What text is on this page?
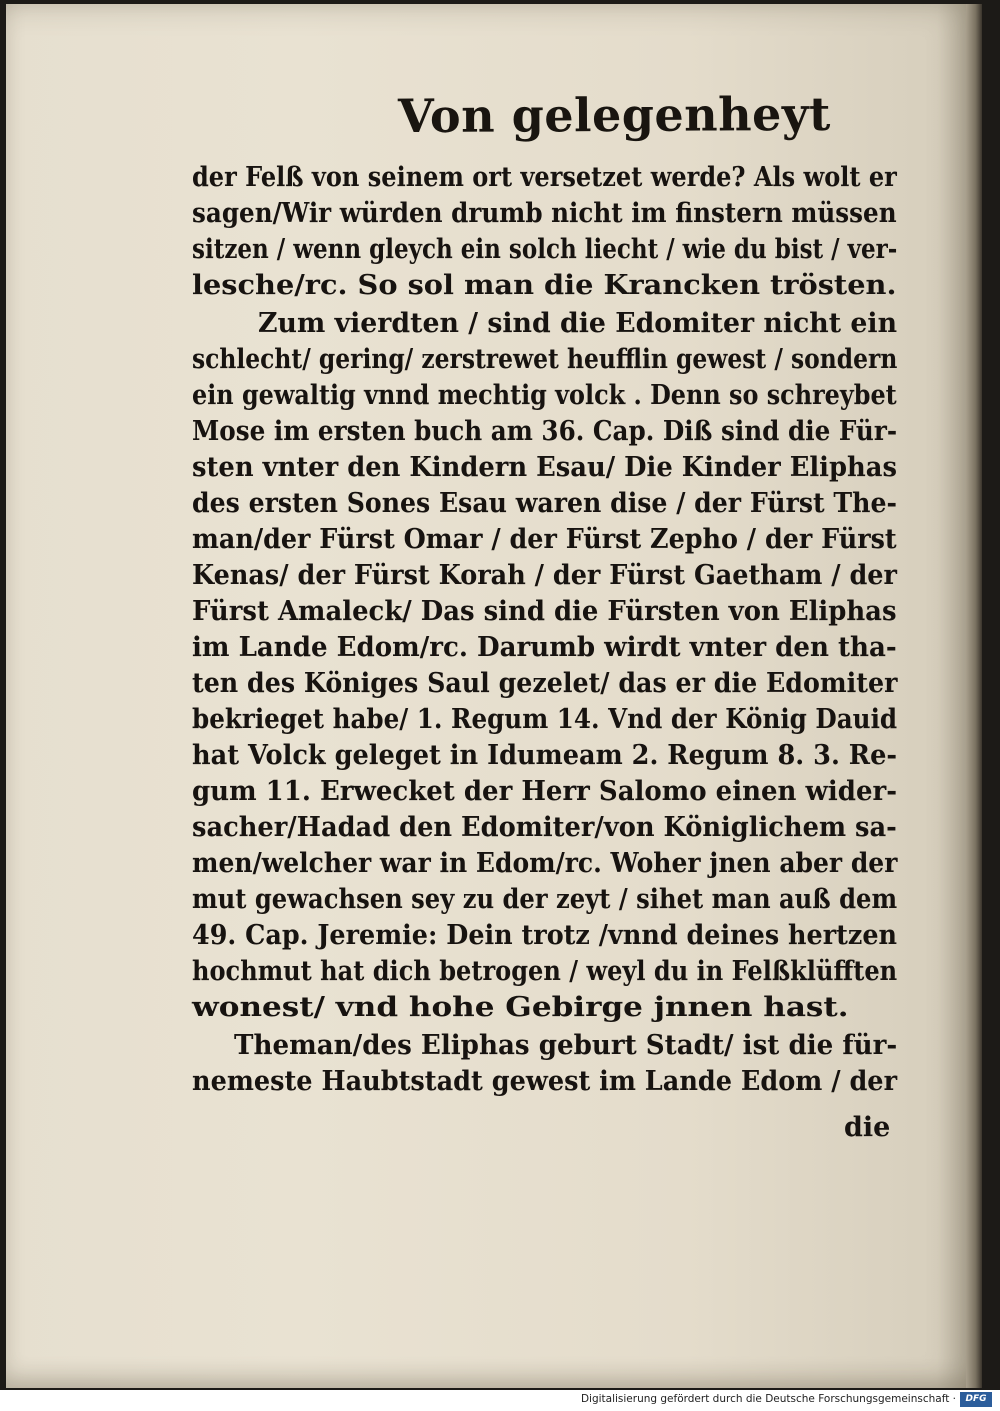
Von gelegenheyt
der Felß von seinem ort versetzet werde? Als wolt er
sagen/Wir würden drumb nicht im finstern müssen
sitzen / wenn gleych ein solch liecht / wie du bist / ver-
lesche/rc. So sol man die Krancken trösten.
Zum vierdten / sind die Edomiter nicht ein
schlecht/ gering/ zerstrewet heufflin gewest / sondern
ein gewaltig vnnd mechtig volck . Denn so schreybet
Mose im ersten buch am 36. Cap. Diß sind die Für-
sten vnter den Kindern Esau/ Die Kinder Eliphas
des ersten Sones Esau waren dise / der Fürst The-
man/der Fürst Omar / der Fürst Zepho / der Fürst
Kenas/ der Fürst Korah / der Fürst Gaetham / der
Fürst Amaleck/ Das sind die Fürsten von Eliphas
im Lande Edom/rc. Darumb wirdt vnter den tha-
ten des Königes Saul gezelet/ das er die Edomiter
bekrieget habe/ 1. Regum 14. Vnd der König Dauid
hat Volck geleget in Idumeam 2. Regum 8. 3. Re-
gum 11. Erwecket der Herr Salomo einen wider-
sacher/Hadad den Edomiter/von Königlichem sa-
men/welcher war in Edom/rc. Woher jnen aber der
mut gewachsen sey zu der zeyt / sihet man auß dem
49. Cap. Jeremie: Dein trotz /vnnd deines hertzen
hochmut hat dich betrogen / weyl du in Felßklüfften
wonest/ vnd hohe Gebirge jnnen hast.
Theman/des Eliphas geburt Stadt/ ist die für-
nemeste Haubtstadt gewest im Lande Edom / der
die
Digitalisierung gefördert durch die Deutsche Forschungsgemeinschaft ·	DFG
